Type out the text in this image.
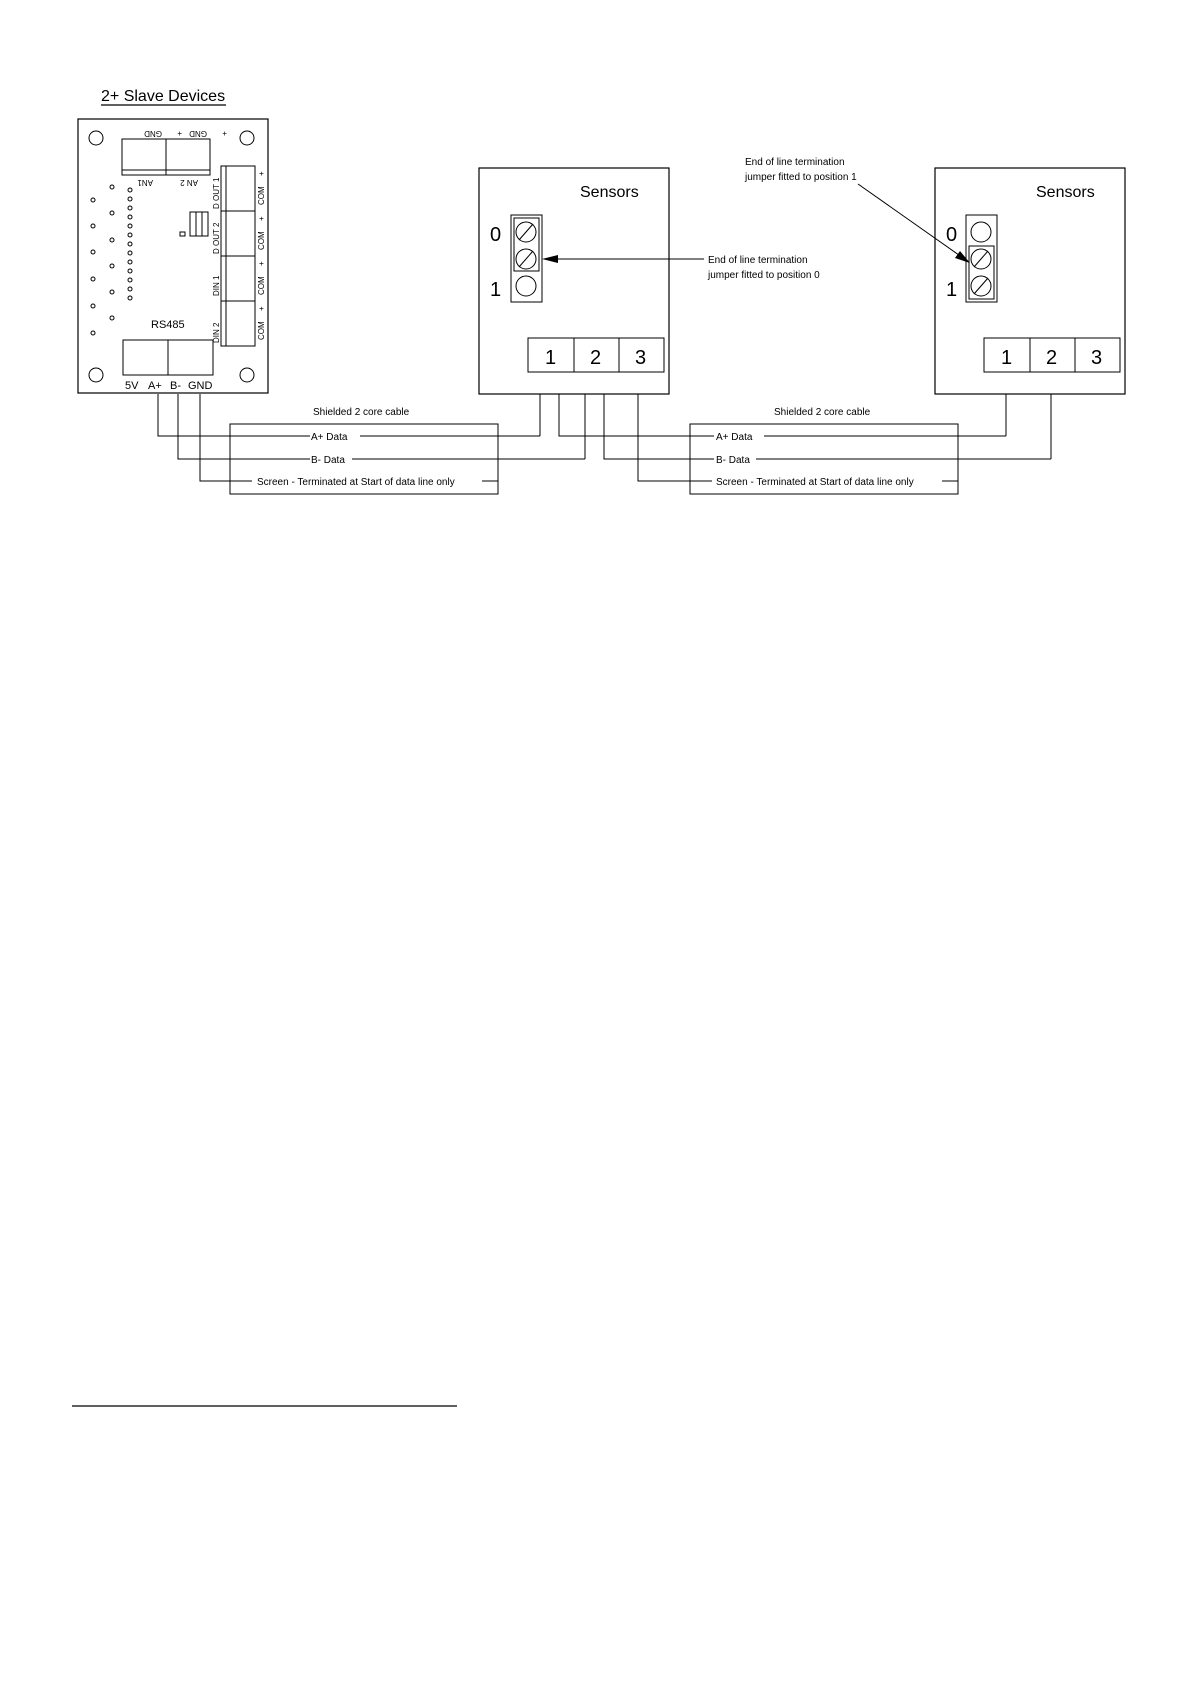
2+ Slave Devices
GND + GND +
AN1	AN 2 D OUT 1
D OUT 2
DIN 1
DIN 2
COM
+
COM
+
COM
+
COM
+
RS485
5V A+ B- GND
Sensors
0
1
1 2 3
End of line termination
jumper fitted to position 0
Sensors
0
1
1 2 3
End of line termination
jumper fitted to position 1
Shielded 2 core cable
A+ Data
B- Data
Screen - Terminated at Start of data line only
Shielded 2 core cable
A+ Data
B- Data
Screen - Terminated at Start of data line only
